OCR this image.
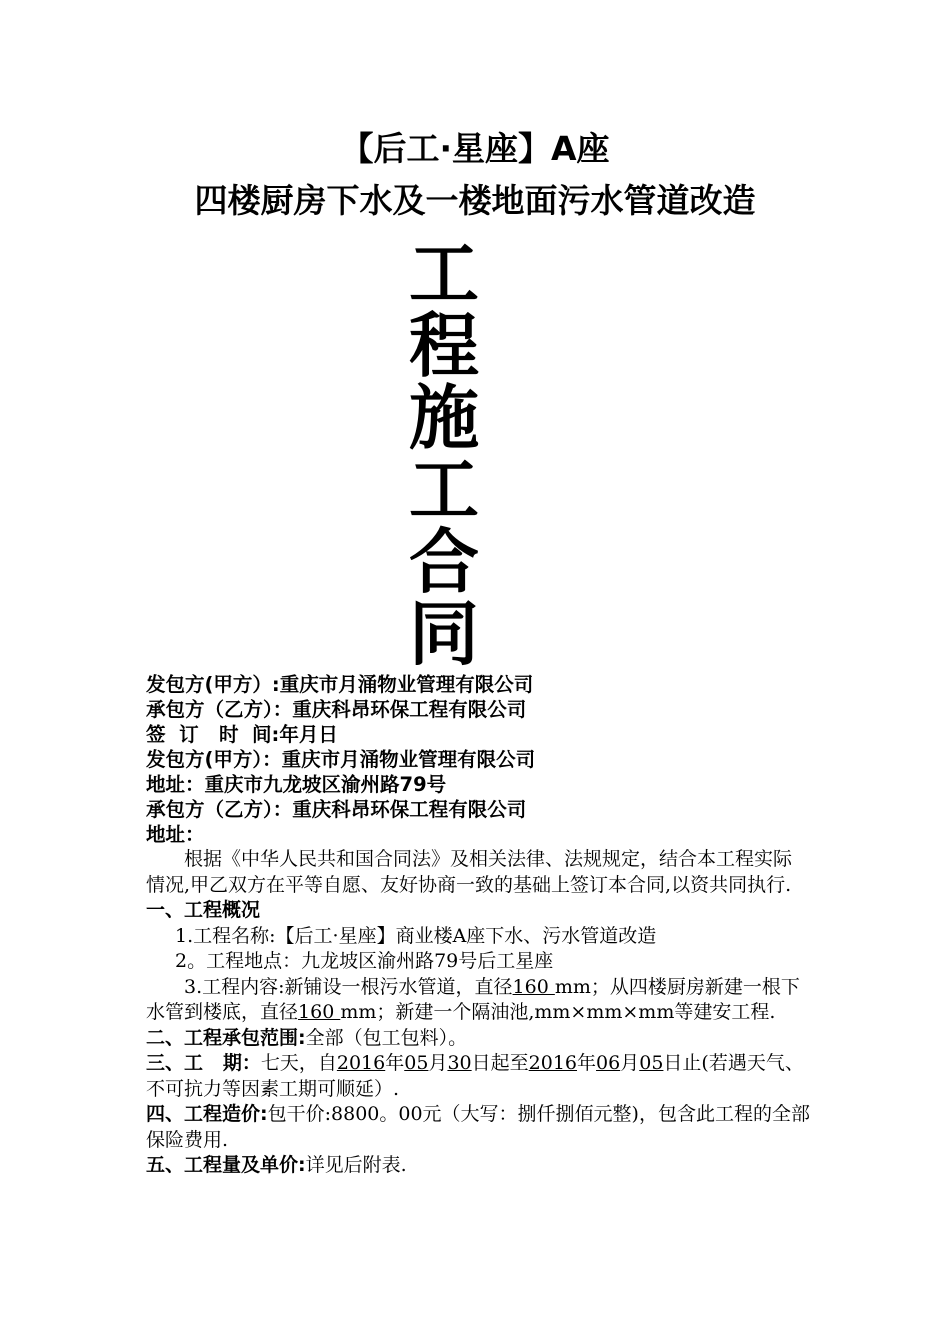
【后工·星座】A座
四楼厨房下水及一楼地面污水管道改造
工
程
施
工
合
同
发包方(甲方）:重庆市月涌物业管理有限公司
承包方（乙方）：重庆科昂环保工程有限公司
签  订   时  间:年月日
发包方(甲方）：重庆市月涌物业管理有限公司
地址：重庆市九龙坡区渝州路79号
承包方（乙方）：重庆科昂环保工程有限公司
地址：

根据《中华人民共和国合同法》及相关法律、法规规定，结合本工程实际情况,甲乙双方在平等自愿、友好协商一致的基础上签订本合同,以资共同执行.

一、工程概况

1.工程名称:【后工·星座】商业楼A座下水、污水管道改造

2。工程地点：九龙坡区渝州路79号后工星座

3.工程内容:新铺设一根污水管道，直径160 mm；从四楼厨房新建一根下水管到楼底，直径160 mm；新建一个隔油池,mm×mm×mm等建安工程.

二、工程承包范围:全部（包工包料）。

三、工   期：七天，自2016年05月30日起至2016年06月05日止(若遇天气、不可抗力等因素工期可顺延）.

四、工程造价:包干价:8800。00元（大写：捌仟捌佰元整)，包含此工程的全部保险费用.

五、工程量及单价:详见后附表.
